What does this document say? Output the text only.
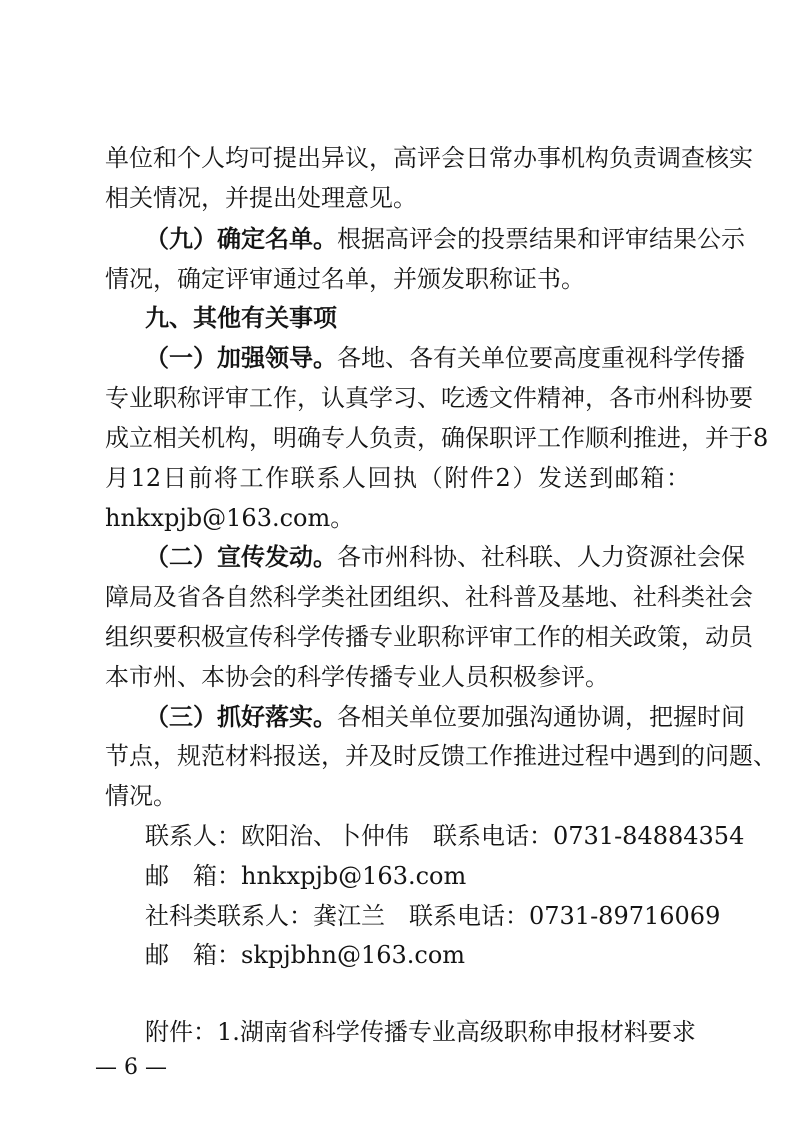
单位和个人均可提出异议，高评会日常办事机构负责调查核实
相关情况，并提出处理意见。
（九）确定名单。根据高评会的投票结果和评审结果公示
情况，确定评审通过名单，并颁发职称证书。
九、其他有关事项
（一）加强领导。各地、各有关单位要高度重视科学传播
专业职称评审工作，认真学习、吃透文件精神，各市州科协要
成立相关机构，明确专人负责，确保职评工作顺利推进，并于8
月12日前将工作联系人回执（附件2）发送到邮箱：
hnkxpjb@163.com。
（二）宣传发动。各市州科协、社科联、人力资源社会保
障局及省各自然科学类社团组织、社科普及基地、社科类社会
组织要积极宣传科学传播专业职称评审工作的相关政策，动员
本市州、本协会的科学传播专业人员积极参评。
（三）抓好落实。各相关单位要加强沟通协调，把握时间
节点，规范材料报送，并及时反馈工作推进过程中遇到的问题、
情况。
联系人：欧阳治、卜仲伟　联系电话：0731-84884354
邮　箱：hnkxpjb@163.com
社科类联系人：龚江兰　联系电话：0731-89716069
邮　箱：skpjbhn@163.com
附件：1.湖南省科学传播专业高级职称申报材料要求
— 6 —
